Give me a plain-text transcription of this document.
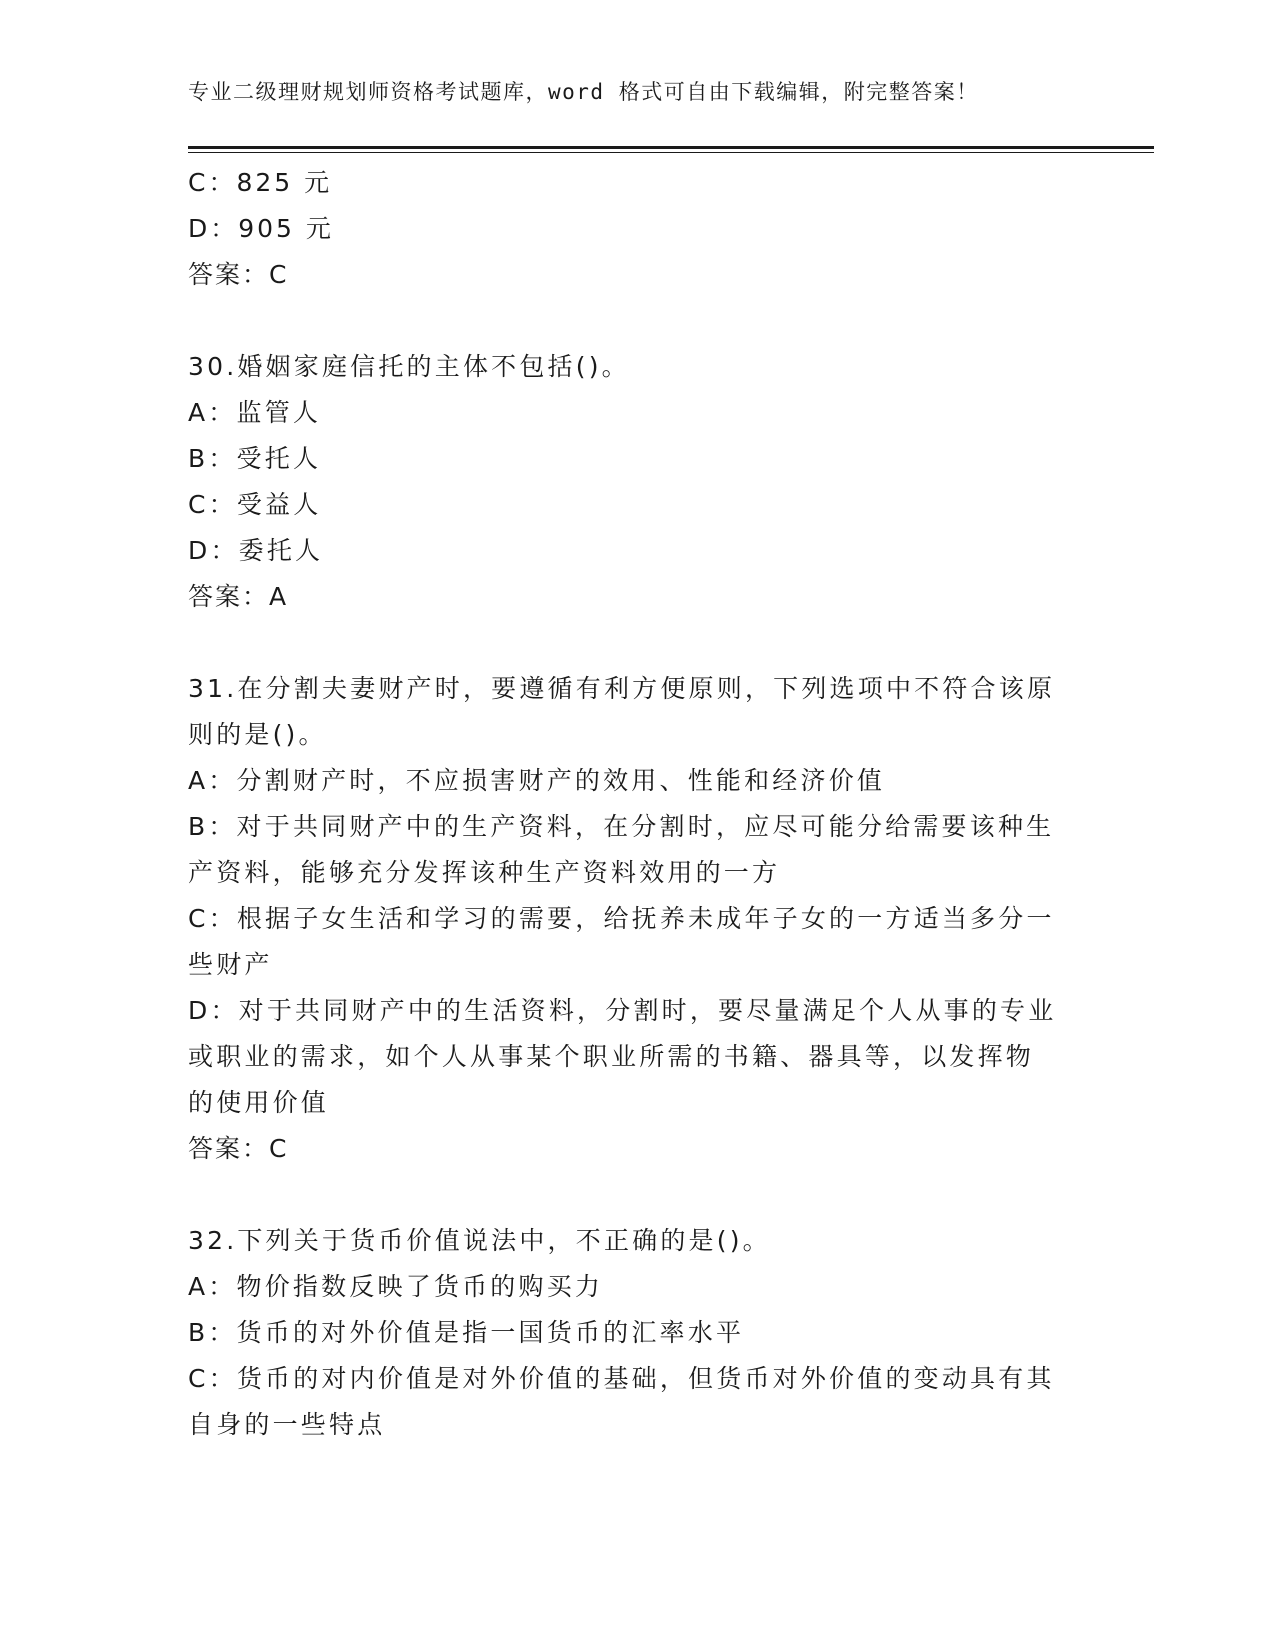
专业二级理财规划师资格考试题库，word 格式可自由下载编辑，附完整答案！
C：825 元
D：905 元
答案：C
30.婚姻家庭信托的主体不包括()。
A：监管人
B：受托人
C：受益人
D：委托人
答案：A
31.在分割夫妻财产时，要遵循有利方便原则，下列选项中不符合该原
则的是()。
A：分割财产时，不应损害财产的效用、性能和经济价值
B：对于共同财产中的生产资料，在分割时，应尽可能分给需要该种生
产资料，能够充分发挥该种生产资料效用的一方
C：根据子女生活和学习的需要，给抚养未成年子女的一方适当多分一
些财产
D：对于共同财产中的生活资料，分割时，要尽量满足个人从事的专业
或职业的需求，如个人从事某个职业所需的书籍、器具等，以发挥物
的使用价值
答案：C
32.下列关于货币价值说法中，不正确的是()。
A：物价指数反映了货币的购买力
B：货币的对外价值是指一国货币的汇率水平
C：货币的对内价值是对外价值的基础，但货币对外价值的变动具有其
自身的一些特点
